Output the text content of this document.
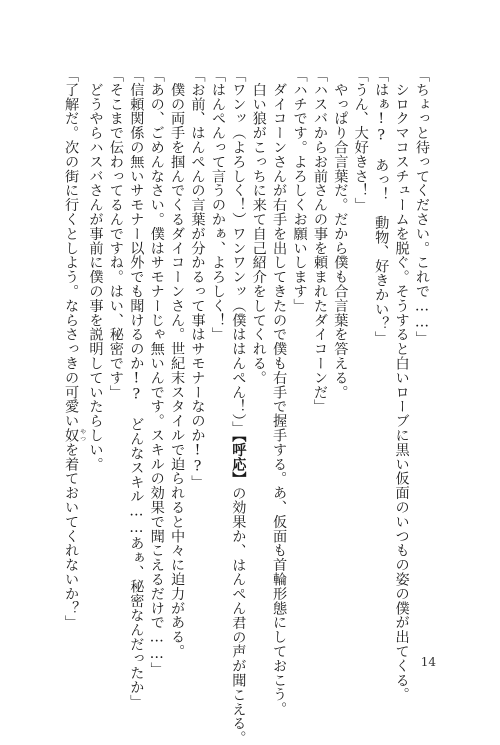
「ちょっと待ってください。これで……」
　シロクマコスチュームを脱ぐ。そうすると白いローブに黒い仮面のいつもの姿の僕が出てくる。
「はぁ!?　あっ！　動物、好きかい？」
「うん、大好きさ！」
　やっぱり合言葉だ。だから僕も合言葉を答える。
「ハスバからお前さんの事を頼まれたダイコーンだ」
「ハチです。よろしくお願いします」
　ダイコーンさんが右手を出してきたので僕も右手で握手する。あ、仮面も首輪形態にしておこう。
　白い狼がこっちに来て自己紹介をしてくれる。
「ワンッ（よろしく！）ワンワンッ（僕ははんぺん！）」【呼応】の効果か、はんぺん君の声が聞こえる。
「はんぺんって言うのかぁ、よろしく！」
「お前、はんぺんの言葉が分かるって事はサモナーなのか!?」
　僕の両手を掴んでくるダイコーンさん。世紀末スタイルで迫られると中々に迫力がある。
「あの、ごめんなさい。僕はサモナーじゃ無いんです。スキルの効果で聞こえるだけで……」
「信頼関係の無いサモナー以外でも聞けるのか!?　どんなスキル……あぁ、秘密なんだったか」
「そこまで伝わってるんですね。はい、秘密です」
　どうやらハスバさんが事前に僕の事を説明していたらしい。
「了解だ。次の街に行くとしよう。ならさっきの可愛い奴 やつを着ておいてくれないか？」
14
